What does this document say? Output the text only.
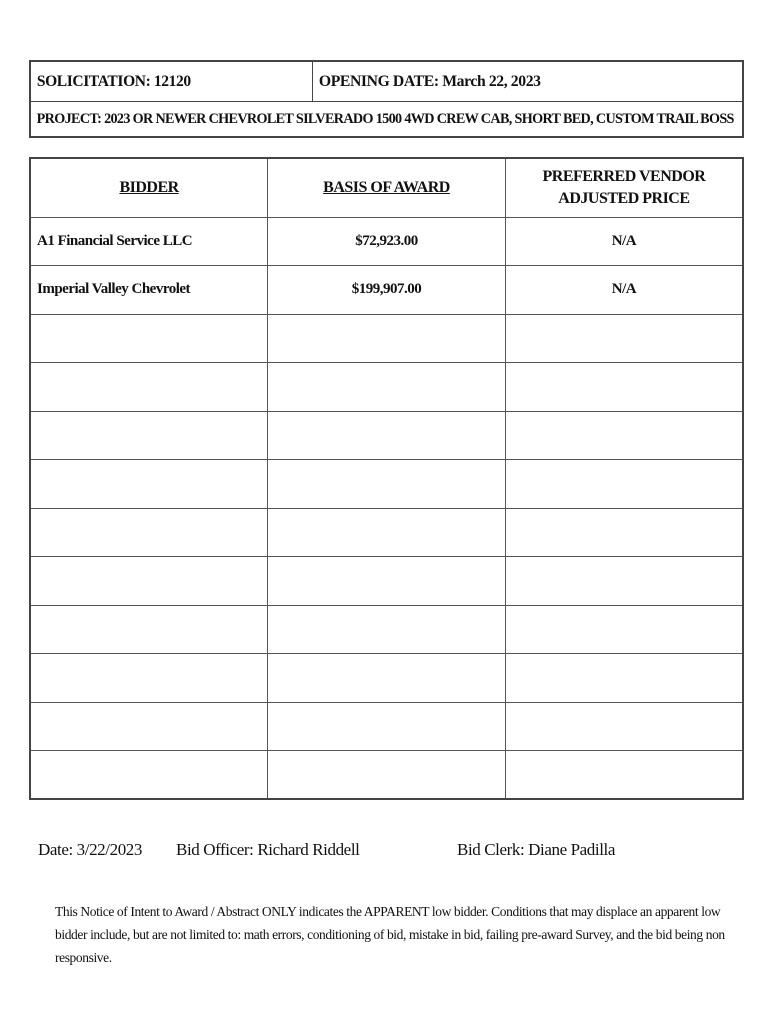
SOLICITATION: 12120	OPENING DATE: March 22, 2023
PROJECT: 2023 OR NEWER CHEVROLET SILVERADO 1500 4WD CREW CAB, SHORT BED, CUSTOM TRAIL BOSS
BIDDER	BASIS OF AWARD	PREFERRED VENDOR ADJUSTED PRICE
A1 Financial Service LLC	$72,923.00	N/A
Imperial Valley Chevrolet	$199,907.00	N/A

Date: 3/22/2023 Bid Officer: Richard Riddell	Bid Clerk: Diane Padilla
This Notice of Intent to Award / Abstract ONLY indicates the APPARENT low bidder. Conditions that may displace an apparent low bidder include, but are not limited to: math errors, conditioning of bid, mistake in bid, failing pre-award Survey, and the bid being non responsive.
